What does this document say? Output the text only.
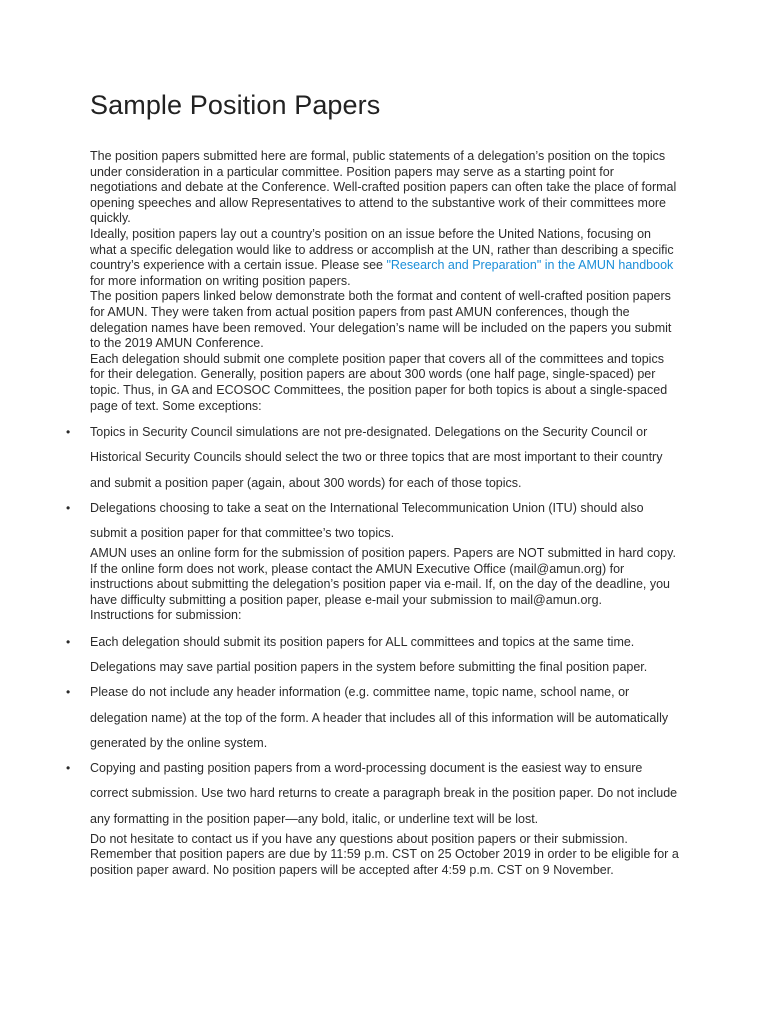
Sample Position Papers

The position papers submitted here are formal, public statements of a delegation’s position on the topics under consideration in a particular committee. Position papers may serve as a starting point for negotiations and debate at the Conference. Well-crafted position papers can often take the place of formal opening speeches and allow Representatives to attend to the substantive work of their committees more quickly.

Ideally, position papers lay out a country’s position on an issue before the United Nations, focusing on what a specific delegation would like to address or accomplish at the UN, rather than describing a specific country’s experience with a certain issue. Please see "Research and Preparation" in the AMUN handbook for more information on writing position papers.

The position papers linked below demonstrate both the format and content of well-crafted position papers for AMUN. They were taken from actual position papers from past AMUN conferences, though the delegation names have been removed. Your delegation’s name will be included on the papers you submit to the 2019 AMUN Conference.

Each delegation should submit one complete position paper that covers all of the committees and topics for their delegation. Generally, position papers are about 300 words (one half page, single-spaced) per topic. Thus, in GA and ECOSOC Committees, the position paper for both topics is about a single-spaced page of text. Some exceptions:

• Topics in Security Council simulations are not pre-designated. Delegations on the Security Council or Historical Security Councils should select the two or three topics that are most important to their country and submit a position paper (again, about 300 words) for each of those topics.
• Delegations choosing to take a seat on the International Telecommunication Union (ITU) should also submit a position paper for that committee’s two topics.

AMUN uses an online form for the submission of position papers. Papers are NOT submitted in hard copy. If the online form does not work, please contact the AMUN Executive Office (mail@amun.org) for instructions about submitting the delegation’s position paper via e-mail. If, on the day of the deadline, you have difficulty submitting a position paper, please e-mail your submission to mail@amun.org.

Instructions for submission:

• Each delegation should submit its position papers for ALL committees and topics at the same time. Delegations may save partial position papers in the system before submitting the final position paper.
• Please do not include any header information (e.g. committee name, topic name, school name, or delegation name) at the top of the form. A header that includes all of this information will be automatically generated by the online system.
• Copying and pasting position papers from a word-processing document is the easiest way to ensure correct submission. Use two hard returns to create a paragraph break in the position paper. Do not include any formatting in the position paper—any bold, italic, or underline text will be lost.

Do not hesitate to contact us if you have any questions about position papers or their submission.

Remember that position papers are due by 11:59 p.m. CST on 25 October 2019 in order to be eligible for a position paper award. No position papers will be accepted after 4:59 p.m. CST on 9 November.
